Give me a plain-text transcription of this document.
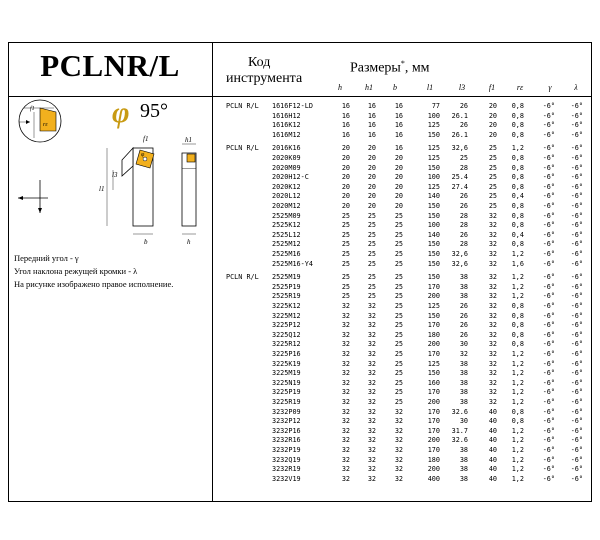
PCLNR/L	Код
инструмента
Размеры*, мм
h	h1	b	l1	l3	f1	rε	γ	λ
φ 95°
f1
rε
l1
l3
f1
φ
b
h1
h
Передний угол - γ
Угол наклона режущей кромки - λ
На рисунке изображено правое исполнение.
PCLN R/L 1616F12-LD	16	16	16	77	26	20	0,8	-6°	-6°
1616H12	16	16	16	100	26.1	20	0,8	-6°	-6°
1616K12	16	16	16	125	26	20	0,8	-6°	-6°
1616M12	16	16	16	150	26.1	20	0,8	-6°	-6°
PCLN R/L 2016K16	20	20	16	125	32,6	25	1,2	-6°	-6°
2020K09	20	20	20	125	25	25	0,8	-6°	-6°
2020M09	20	20	20	150	28	25	0,8	-6°	-6°
2020H12-C	20	20	20	100	25.4	25	0,8	-6°	-6°
2020K12	20	20	20	125	27.4	25	0,8	-6°	-6°
2020L12	20	20	20	140	26	25	0,4	-6°	-6°
2020M12	20	20	20	150	26	25	0,8	-6°	-6°
2525M09	25	25	25	150	28	32	0,8	-6°	-6°
2525K12	25	25	25	100	28	32	0,8	-6°	-6°
2525L12	25	25	25	140	26	32	0,4	-6°	-6°
2525M12	25	25	25	150	28	32	0,8	-6°	-6°
2525M16	25	25	25	150	32,6	32	1,2	-6°	-6°
2525M16-Y4	25	25	25	150	32,6	32	1,6	-6°	-6°
PCLN R/L 2525M19	25	25	25	150	38	32	1,2	-6°	-6°
2525P19	25	25	25	170	38	32	1,2	-6°	-6°
2525R19	25	25	25	200	38	32	1,2	-6°	-6°
3225K12	32	32	25	125	26	32	0,8	-6°	-6°
3225M12	32	32	25	150	26	32	0,8	-6°	-6°
3225P12	32	32	25	170	26	32	0,8	-6°	-6°
3225Q12	32	32	25	180	26	32	0,8	-6°	-6°
3225R12	32	32	25	200	30	32	0,8	-6°	-6°
3225P16	32	32	25	170	32	32	1,2	-6°	-6°
3225K19	32	32	25	125	38	32	1,2	-6°	-6°
3225M19	32	32	25	150	38	32	1,2	-6°	-6°
3225N19	32	32	25	160	38	32	1,2	-6°	-6°
3225P19	32	32	25	170	38	32	1,2	-6°	-6°
3225R19	32	32	25	200	38	32	1,2	-6°	-6°
3232P09	32	32	32	170	32.6	40	0,8	-6°	-6°
3232P12	32	32	32	170	30	40	0,8	-6°	-6°
3232P16	32	32	32	170	31.7	40	1,2	-6°	-6°
3232R16	32	32	32	200	32.6	40	1,2	-6°	-6°
3232P19	32	32	32	170	38	40	1,2	-6°	-6°
3232Q19	32	32	32	180	38	40	1,2	-6°	-6°
3232R19	32	32	32	200	38	40	1,2	-6°	-6°
3232V19	32	32	32	400	38	40	1,2	-6°	-6°
